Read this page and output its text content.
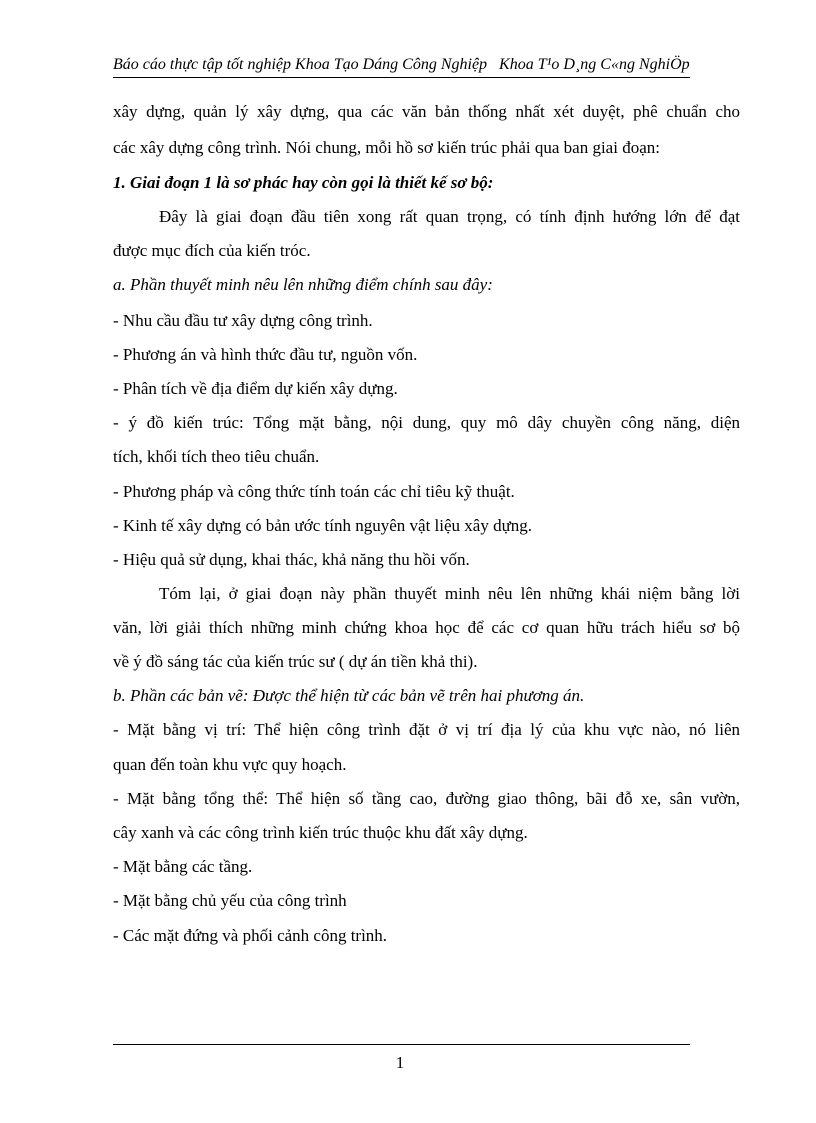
Báo cáo thực tập tốt nghiệp Khoa Tạo Dáng Công Nghiệp   Khoa T¹o D¸ng C«ng NghiÖp
xây dựng, quản lý xây dựng, qua các văn bản thống nhất xét duyệt, phê chuẩn cho
các xây dựng công trình. Nói chung, mỗi hồ sơ kiến trúc phải qua ban giai đoạn:
1. Giai đoạn 1 là sơ phác hay còn gọi là thiết kế sơ bộ:
Đây là giai đoạn đầu tiên xong rất quan trọng, có tính định hướng lớn để đạt
được mục đích của kiến tróc.
a. Phần thuyết minh nêu lên những điểm chính sau đây:
- Nhu cầu đầu tư xây dựng công trình.
- Phương án và hình thức đầu tư, nguồn vốn.
- Phân tích về địa điểm dự kiến xây dựng.
- ý đồ kiến trúc: Tổng mặt bằng, nội dung, quy mô dây chuyền công năng, diện
tích, khối tích theo tiêu chuẩn.
- Phương pháp và công thức tính toán các chỉ tiêu kỹ thuật.
- Kinh tế xây dựng có bản ước tính nguyên vật liệu xây dựng.
- Hiệu quả sử dụng, khai thác, khả năng thu hồi vốn.
Tóm lại, ở giai đoạn này phần thuyết minh nêu lên những khái niệm bằng lời
văn, lời giải thích những minh chứng khoa học để các cơ quan hữu trách hiểu sơ bộ
về ý đồ sáng tác của kiến trúc sư ( dự án tiền khả thi).
b. Phần các bản vẽ: Được thể hiện từ các bản vẽ trên hai phương án.
- Mặt bằng vị trí: Thể hiện công trình đặt ở vị trí địa lý của khu vực nào, nó liên
quan đến toàn khu vực quy hoạch.
- Mặt bằng tổng thể: Thể hiện số tầng cao, đường giao thông, bãi đỗ xe, sân vườn,
cây xanh và các công trình kiến trúc thuộc khu đất xây dựng.
- Mặt bằng các tầng.
- Mặt bằng chủ yếu của công trình
- Các mặt đứng và phối cảnh công trình.
1
